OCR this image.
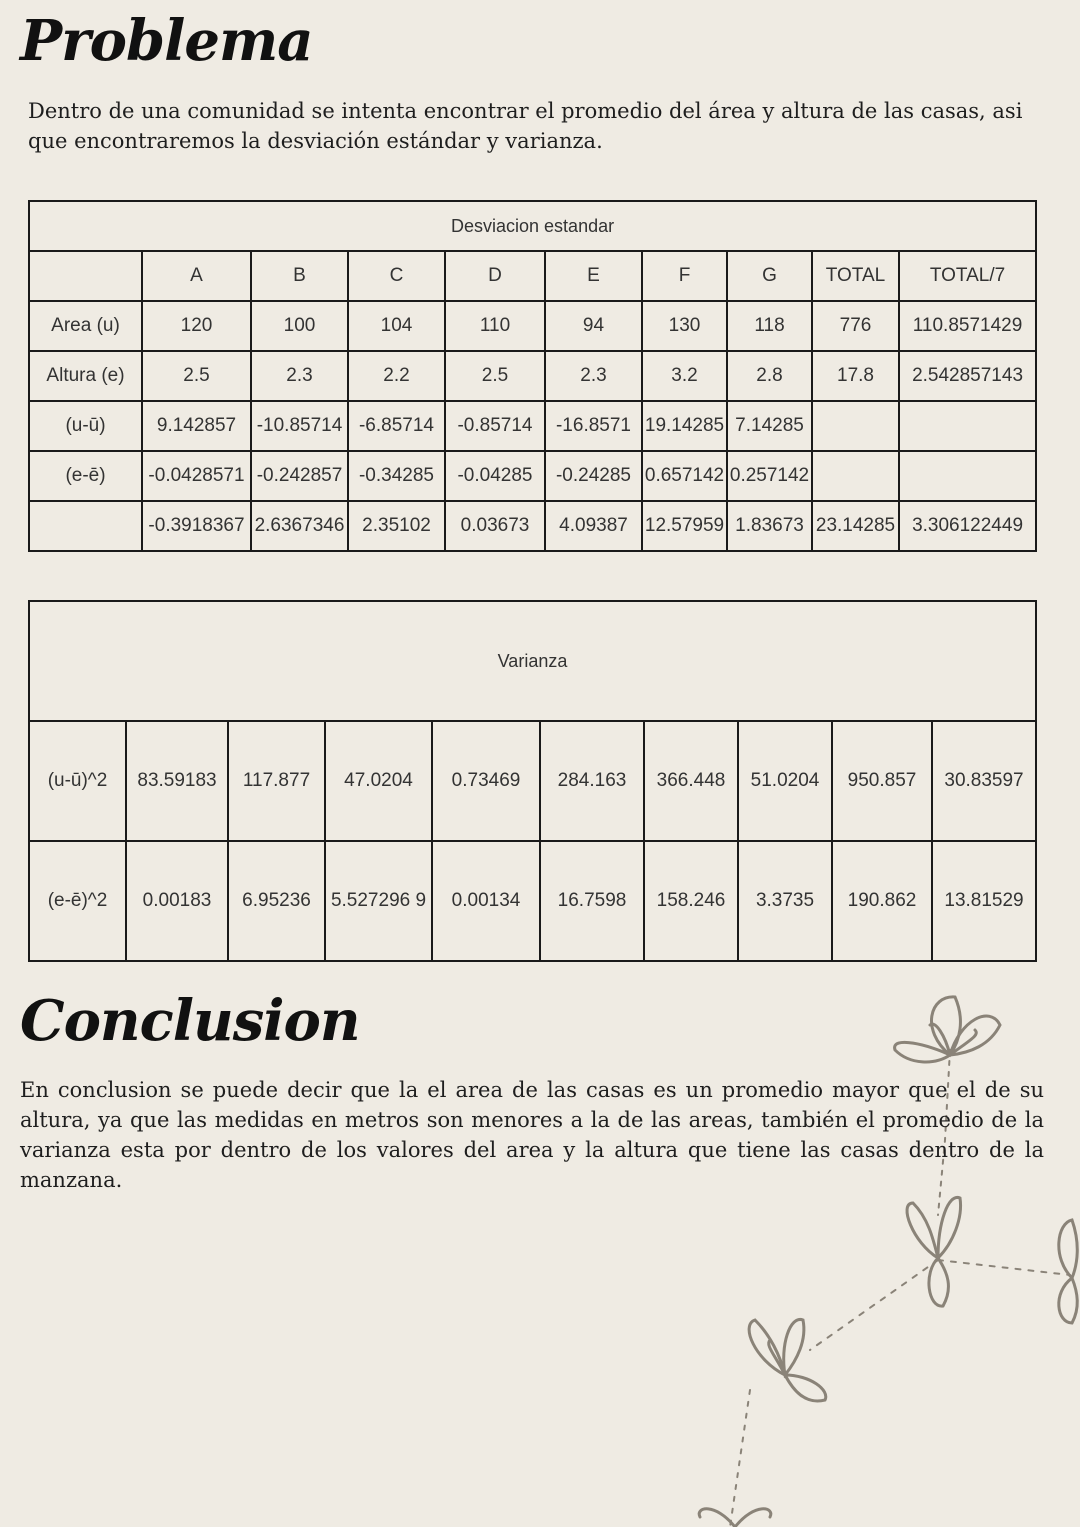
Problema

Dentro de una comunidad se intenta encontrar el promedio del área y altura de las casas, asi que encontraremos la desviación estándar y varianza.

Desviacion estandar									
	A	B	C	D	E	F	G	TOTAL	TOTAL/7
Area (u)	120	100	104	110	94	130	118	776	110.8571429
Altura (e)	2.5	2.3	2.2	2.5	2.3	3.2	2.8	17.8	2.542857143
(u-ū)	9.142857	-10.85714	-6.85714	-0.85714	-16.8571	19.14285	7.14285		
(e-ē)	-0.0428571	-0.242857	-0.34285	-0.04285	-0.24285	0.657142	0.257142		
	-0.3918367	2.6367346	2.35102	0.03673	4.09387	12.57959	1.83673	23.14285	3.306122449
Varianza									
(u-ū)^2	83.59183	117.877	47.0204	0.73469	284.163	366.448	51.0204	950.857	30.83597
(e-ē)^2	0.00183	6.95236	5.527296 9	0.00134	16.7598	158.246	3.3735	190.862	13.81529
Conclusion

En conclusion se puede decir que la el area de las casas es un promedio mayor que el de su altura, ya que las medidas en metros son menores a la de las areas, también el promedio de la varianza esta por dentro de los valores del area y la altura que tiene las casas dentro de la manzana.
